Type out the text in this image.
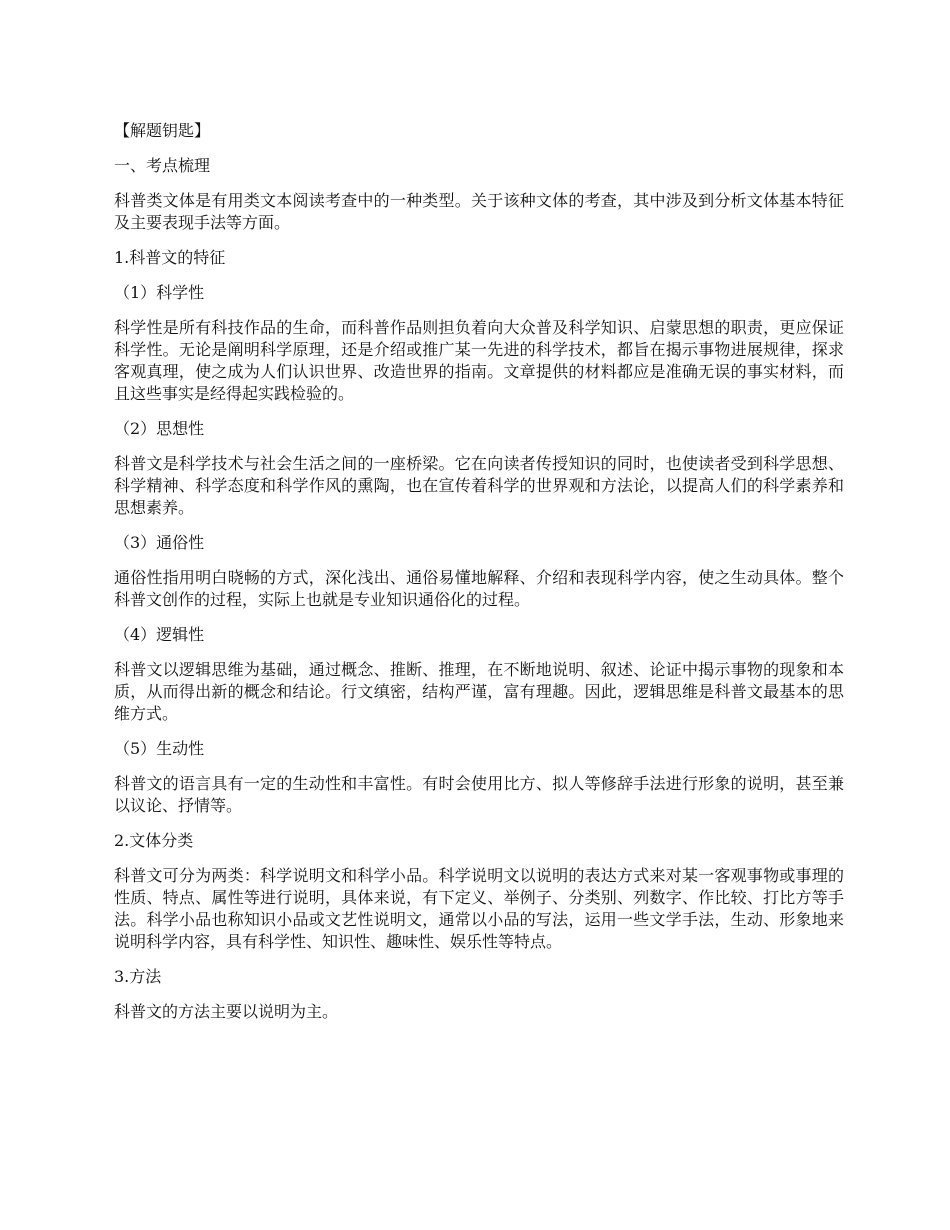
【解题钥匙】

一、考点梳理

科普类文体是有用类文本阅读考查中的一种类型。关于该种文体的考查，其中涉及到分析文体基本特征及主要表现手法等方面。

1.科普文的特征

（1）科学性

科学性是所有科技作品的生命，而科普作品则担负着向大众普及科学知识、启蒙思想的职责，更应保证科学性。无论是阐明科学原理，还是介绍或推广某一先进的科学技术，都旨在揭示事物进展规律，探求客观真理，使之成为人们认识世界、改造世界的指南。文章提供的材料都应是准确无误的事实材料，而且这些事实是经得起实践检验的。

（2）思想性

科普文是科学技术与社会生活之间的一座桥梁。它在向读者传授知识的同时，也使读者受到科学思想、科学精神、科学态度和科学作风的熏陶，也在宣传着科学的世界观和方法论，以提高人们的科学素养和思想素养。

（3）通俗性

通俗性指用明白晓畅的方式，深化浅出、通俗易懂地解释、介绍和表现科学内容，使之生动具体。整个科普文创作的过程，实际上也就是专业知识通俗化的过程。

（4）逻辑性

科普文以逻辑思维为基础，通过概念、推断、推理，在不断地说明、叙述、论证中揭示事物的现象和本质，从而得出新的概念和结论。行文缜密，结构严谨，富有理趣。因此，逻辑思维是科普文最基本的思维方式。

（5）生动性

科普文的语言具有一定的生动性和丰富性。有时会使用比方、拟人等修辞手法进行形象的说明，甚至兼以议论、抒情等。

2.文体分类

科普文可分为两类：科学说明文和科学小品。科学说明文以说明的表达方式来对某一客观事物或事理的性质、特点、属性等进行说明，具体来说，有下定义、举例子、分类别、列数字、作比较、打比方等手法。科学小品也称知识小品或文艺性说明文，通常以小品的写法，运用一些文学手法，生动、形象地来说明科学内容，具有科学性、知识性、趣味性、娱乐性等特点。

3.方法

科普文的方法主要以说明为主。
